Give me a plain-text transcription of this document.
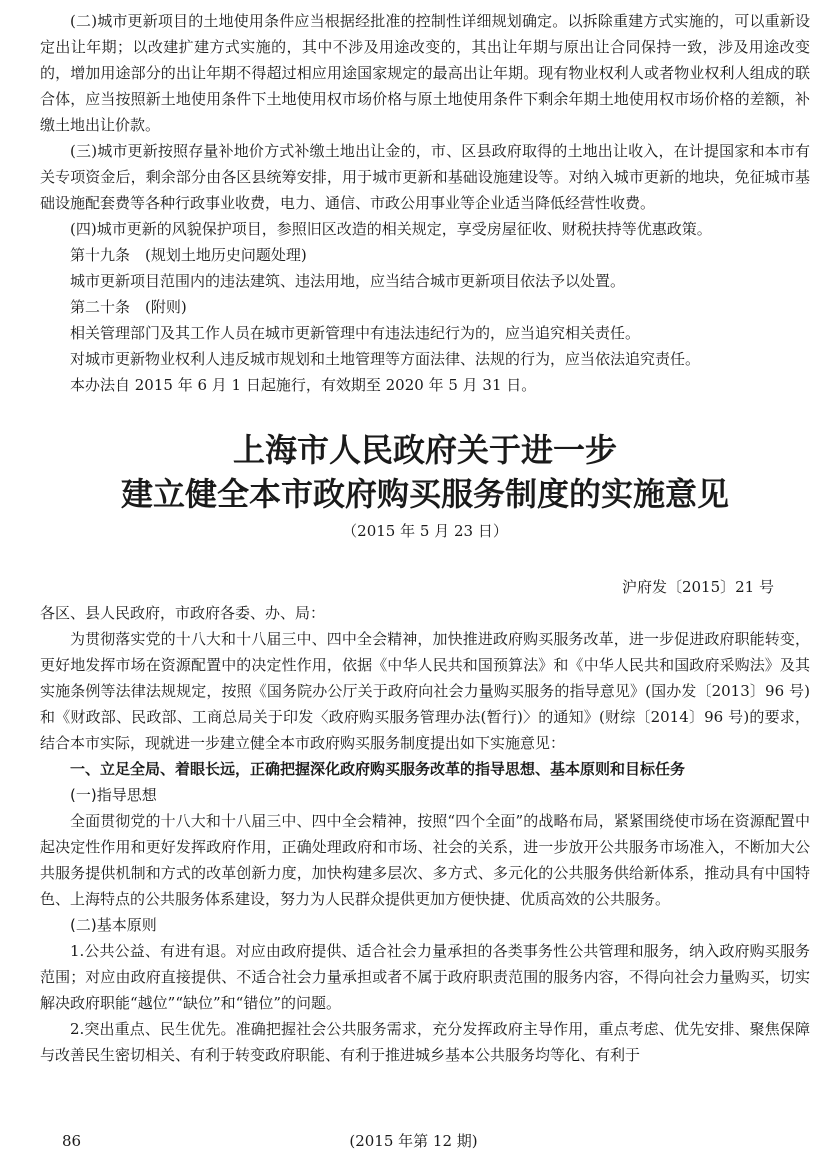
(二)城市更新项目的土地使用条件应当根据经批准的控制性详细规划确定。以拆除重建方式实施的，可以重新设定出让年期；以改建扩建方式实施的，其中不涉及用途改变的，其出让年期与原出让合同保持一致，涉及用途改变的，增加用途部分的出让年期不得超过相应用途国家规定的最高出让年期。现有物业权利人或者物业权利人组成的联合体，应当按照新土地使用条件下土地使用权市场价格与原土地使用条件下剩余年期土地使用权市场价格的差额，补缴土地出让价款。

(三)城市更新按照存量补地价方式补缴土地出让金的，市、区县政府取得的土地出让收入，在计提国家和本市有关专项资金后，剩余部分由各区县统筹安排，用于城市更新和基础设施建设等。对纳入城市更新的地块，免征城市基础设施配套费等各种行政事业收费，电力、通信、市政公用事业等企业适当降低经营性收费。

(四)城市更新的风貌保护项目，参照旧区改造的相关规定，享受房屋征收、财税扶持等优惠政策。

第十九条　(规划土地历史问题处理)

城市更新项目范围内的违法建筑、违法用地，应当结合城市更新项目依法予以处置。

第二十条　(附则)

相关管理部门及其工作人员在城市更新管理中有违法违纪行为的，应当追究相关责任。

对城市更新物业权利人违反城市规划和土地管理等方面法律、法规的行为，应当依法追究责任。

本办法自 2015 年 6 月 1 日起施行，有效期至 2020 年 5 月 31 日。

上海市人民政府关于进一步

建立健全本市政府购买服务制度的实施意见

（2015 年 5 月 23 日）
沪府发〔2015〕21 号

各区、县人民政府，市政府各委、办、局：

为贯彻落实党的十八大和十八届三中、四中全会精神，加快推进政府购买服务改革，进一步促进政府职能转变，更好地发挥市场在资源配置中的决定性作用，依据《中华人民共和国预算法》和《中华人民共和国政府采购法》及其实施条例等法律法规规定，按照《国务院办公厅关于政府向社会力量购买服务的指导意见》(国办发〔2013〕96 号)和《财政部、民政部、工商总局关于印发〈政府购买服务管理办法(暂行)〉的通知》(财综〔2014〕96 号)的要求，结合本市实际，现就进一步建立健全本市政府购买服务制度提出如下实施意见：

一、立足全局、着眼长远，正确把握深化政府购买服务改革的指导思想、基本原则和目标任务

(一)指导思想

全面贯彻党的十八大和十八届三中、四中全会精神，按照“四个全面”的战略布局，紧紧围绕使市场在资源配置中起决定性作用和更好发挥政府作用，正确处理政府和市场、社会的关系，进一步放开公共服务市场准入，不断加大公共服务提供机制和方式的改革创新力度，加快构建多层次、多方式、多元化的公共服务供给新体系，推动具有中国特色、上海特点的公共服务体系建设，努力为人民群众提供更加方便快捷、优质高效的公共服务。

(二)基本原则

1.公共公益、有进有退。对应由政府提供、适合社会力量承担的各类事务性公共管理和服务，纳入政府购买服务范围；对应由政府直接提供、不适合社会力量承担或者不属于政府职责范围的服务内容，不得向社会力量购买，切实解决政府职能“越位”“缺位”和“错位”的问题。

2.突出重点、民生优先。准确把握社会公共服务需求，充分发挥政府主导作用，重点考虑、优先安排、聚焦保障与改善民生密切相关、有利于转变政府职能、有利于推进城乡基本公共服务均等化、有利于

86	(2015 年第 12 期)
